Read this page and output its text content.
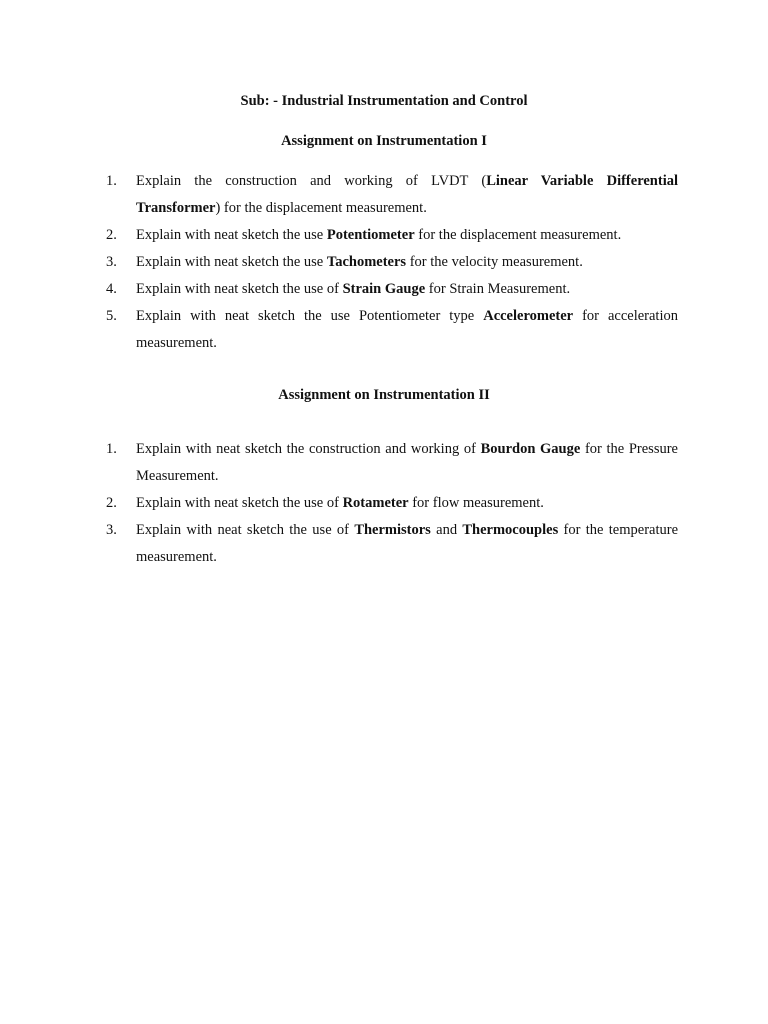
Sub: - Industrial Instrumentation and Control
Assignment on Instrumentation I
1.	Explain the construction and working of LVDT (Linear Variable Differential Transformer) for the displacement measurement.
2.	Explain with neat sketch the use Potentiometer for the displacement measurement.
3.	Explain with neat sketch the use Tachometers for the velocity measurement.
4.	Explain with neat sketch the use of Strain Gauge for Strain Measurement.
5.	Explain with neat sketch the use Potentiometer type Accelerometer for acceleration measurement.
Assignment on Instrumentation II
1.	Explain with neat sketch the construction and working of Bourdon Gauge for the Pressure Measurement.
2.	Explain with neat sketch the use of Rotameter for flow measurement.
3.	Explain with neat sketch the use of Thermistors and Thermocouples for the temperature measurement.
